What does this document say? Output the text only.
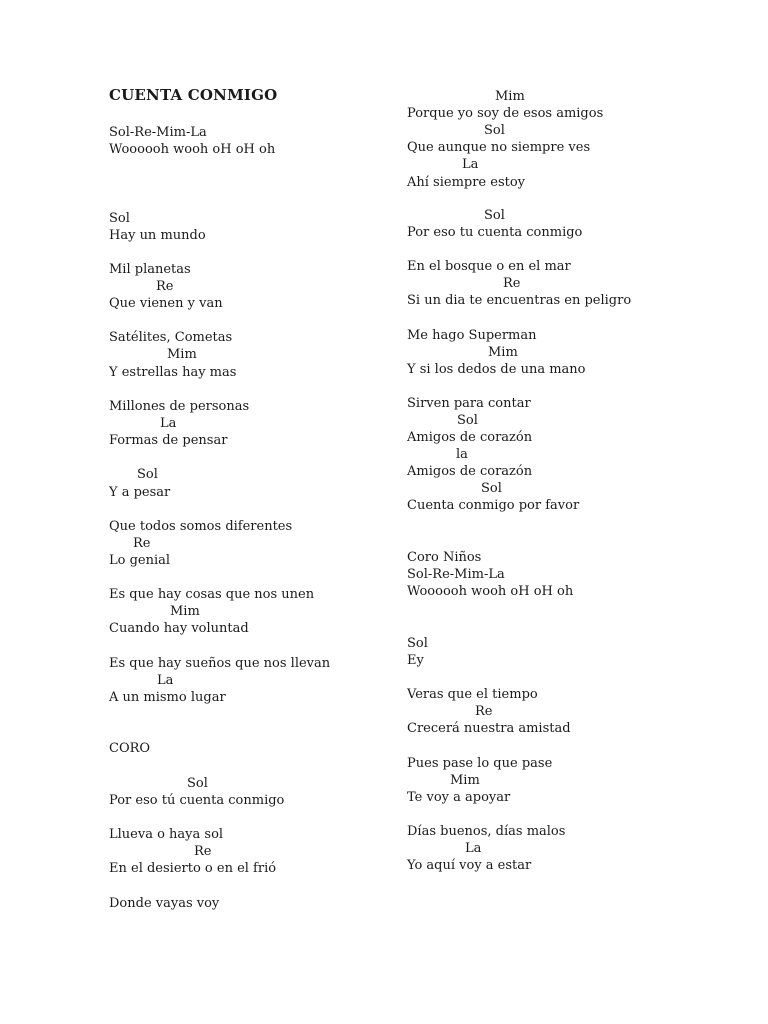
CUENTA CONMIGO
Sol-Re-Mim-La
Woooooh wooh oH oH oh
Sol
Hay un mundo
Mil planetas
Re
Que vienen y van
Satélites, Cometas
Mim
Y estrellas hay mas
Millones de personas
La
Formas de pensar
Sol
Y a pesar
Que todos somos diferentes
Re
Lo genial
Es que hay cosas que nos unen
Mim
Cuando hay voluntad
Es que hay sueños que nos llevan
La
A un mismo lugar
CORO
Sol
Por eso tú cuenta conmigo
Llueva o haya sol
Re
En el desierto o en el frió
Donde vayas voy
Mim
Porque yo soy de esos amigos
Sol
Que aunque no siempre ves
La
Ahí siempre estoy
Sol
Por eso tu cuenta conmigo
En el bosque o en el mar
Re
Si un dia te encuentras en peligro
Me hago Superman
Mim
Y si los dedos de una mano
Sirven para contar
Sol
Amigos de corazón
la
Amigos de corazón
Sol
Cuenta conmigo por favor
Coro Niños
Sol-Re-Mim-La
Woooooh wooh oH oH oh
Sol
Ey
Veras que el tiempo
Re
Crecerá nuestra amistad
Pues pase lo que pase
Mim
Te voy a apoyar
Días buenos, días malos
La
Yo aquí voy a estar
